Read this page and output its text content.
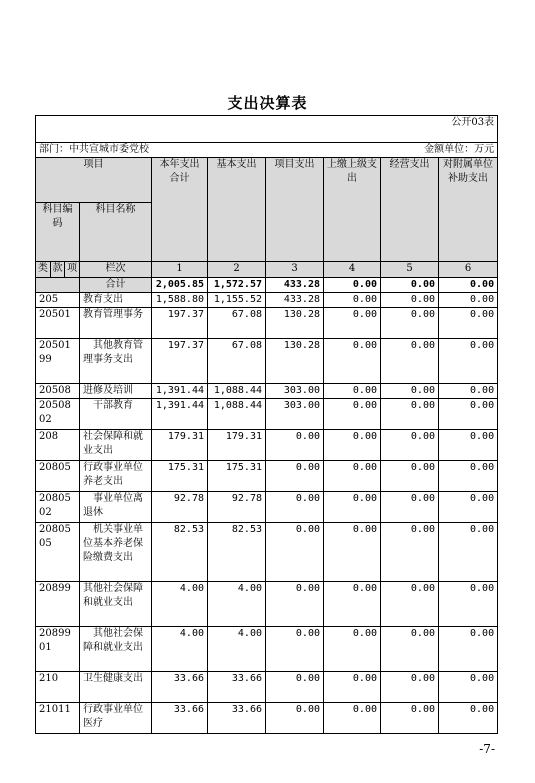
支出决算表
公开03表							
部门：中共宣城市委党校						金额单位：万元	
项目		本年支出合计	基本支出	项目支出	上缴上级支出	经营支出	对附属单位补助支出
科目编码	科目名称						

类 款 项	栏次	1	2	3	4	5	6
	合计	2,005.85	1,572.57	433.28	0.00	0.00	0.00
205	教育支出	1,588.80	1,155.52	433.28	0.00	0.00	0.00
20501	教育管理事务	197.37	67.08	130.28	0.00	0.00	0.00
2050199	其他教育管理事务支出	197.37	67.08	130.28	0.00	0.00	0.00
20508	进修及培训	1,391.44	1,088.44	303.00	0.00	0.00	0.00
2050802	干部教育	1,391.44	1,088.44	303.00	0.00	0.00	0.00
208	社会保障和就业支出	179.31	179.31	0.00	0.00	0.00	0.00
20805	行政事业单位养老支出	175.31	175.31	0.00	0.00	0.00	0.00
2080502	事业单位离退休	92.78	92.78	0.00	0.00	0.00	0.00
2080505	机关事业单位基本养老保险缴费支出	82.53	82.53	0.00	0.00	0.00	0.00
20899	其他社会保障和就业支出	4.00	4.00	0.00	0.00	0.00	0.00
2089901	其他社会保障和就业支出	4.00	4.00	0.00	0.00	0.00	0.00
210	卫生健康支出	33.66	33.66	0.00	0.00	0.00	0.00
21011	行政事业单位医疗	33.66	33.66	0.00	0.00	0.00	0.00
-7-
